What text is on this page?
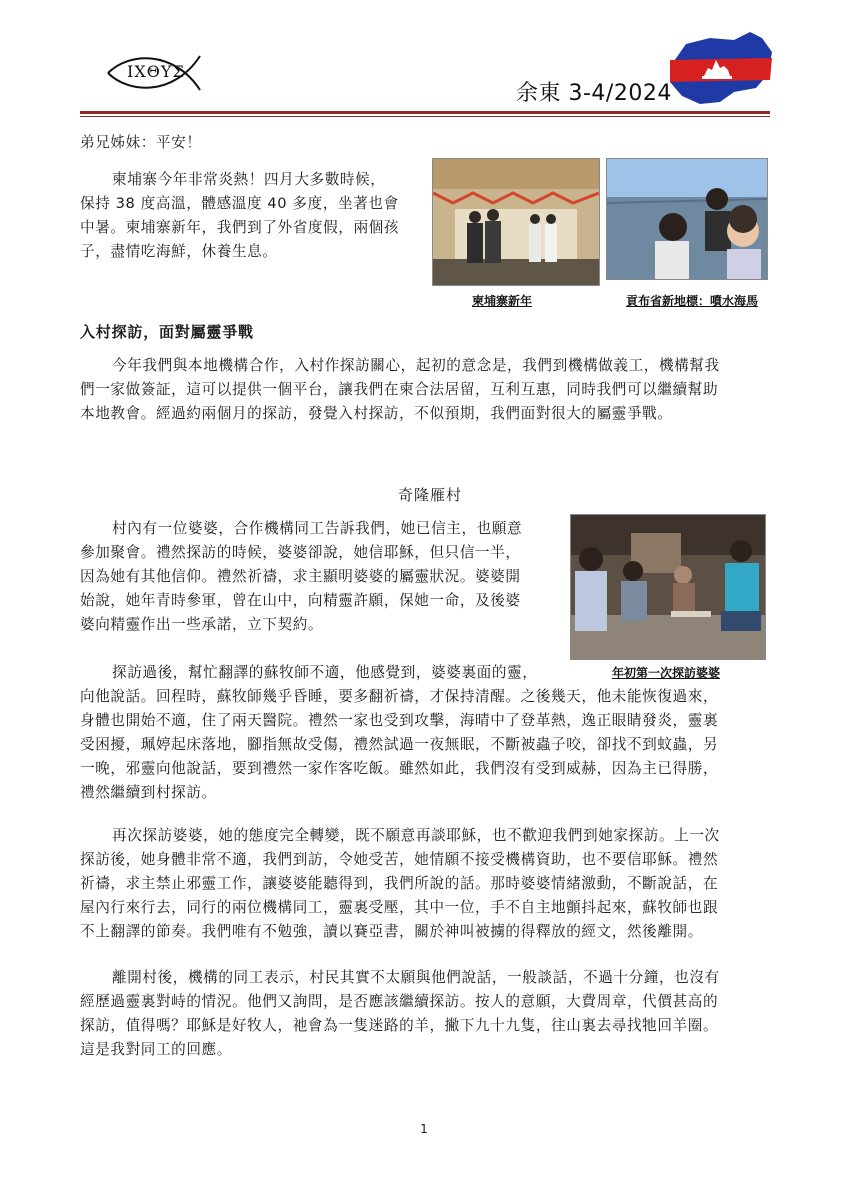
ΙΧΘΥΣ
余東 3-4/2024

弟兄姊妹：平安！

柬埔寨今年非常炎熱！四月大多數時候，

保持 38 度高溫，體感溫度 40 多度，坐著也會

中暑。柬埔寨新年，我們到了外省度假，兩個孩

子，盡情吃海鮮，休養生息。

柬埔寨新年	貢布省新地標：噴水海馬
入村探訪，面對屬靈爭戰

今年我們與本地機構合作，入村作探訪關心，起初的意念是，我們到機構做義工，機構幫我

們一家做簽証，這可以提供一個平台，讓我們在柬合法居留，互利互惠，同時我們可以繼續幫助

本地教會。經過約兩個月的探訪，發覺入村探訪，不似預期，我們面對很大的屬靈爭戰。

奇隆雁村

村內有一位婆婆，合作機構同工告訴我們，她已信主，也願意

參加聚會。禮然探訪的時候，婆婆卻說，她信耶穌，但只信一半，

因為她有其他信仰。禮然祈禱，求主顯明婆婆的屬靈狀況。婆婆開

始說，她年青時參軍，曾在山中，向精靈許願，保她一命，及後婆

婆向精靈作出一些承諾，立下契約。

年初第一次探訪婆婆

探訪過後，幫忙翻譯的蘇牧師不適，他感覺到，婆婆裏面的靈，

向他說話。回程時，蘇牧師幾乎昏睡，要多翻祈禱，才保持清醒。之後幾天，他未能恢復過來，

身體也開始不適，住了兩天醫院。禮然一家也受到攻擊，海晴中了登革熱，逸正眼睛發炎，靈裏

受困擾，珮婷起床落地，腳指無故受傷，禮然試過一夜無眠，不斷被蟲子咬，卻找不到蚊蟲，另

一晚，邪靈向他說話，要到禮然一家作客吃飯。雖然如此，我們沒有受到威赫，因為主已得勝，

禮然繼續到村探訪。

再次探訪婆婆，她的態度完全轉變，既不願意再談耶穌，也不歡迎我們到她家探訪。上一次

探訪後，她身體非常不適，我們到訪，令她受苦，她情願不接受機構資助，也不要信耶穌。禮然

祈禱，求主禁止邪靈工作，讓婆婆能聽得到，我們所說的話。那時婆婆情緒激動，不斷說話，在

屋內行來行去，同行的兩位機構同工，靈裏受壓，其中一位，手不自主地顫抖起來，蘇牧師也跟

不上翻譯的節奏。我們唯有不勉強，讀以賽亞書，關於神叫被擄的得釋放的經文，然後離開。

離開村後，機構的同工表示，村民其實不太願與他們說話，一般談話，不過十分鐘，也沒有

經歷過靈裏對峙的情況。他們又詢問，是否應該繼續探訪。按人的意願，大費周章，代價甚高的

探訪，值得嗎？耶穌是好牧人，祂會為一隻迷路的羊，撇下九十九隻，往山裏去尋找牠回羊圈。

這是我對同工的回應。

1
